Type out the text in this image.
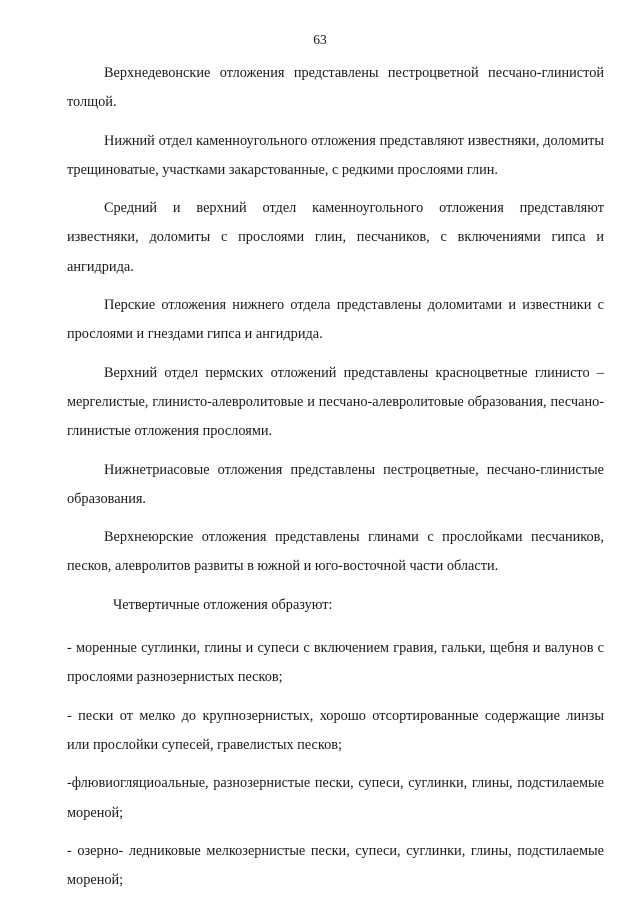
63

Верхнедевонские отложения представлены пестроцветной песчано-глинистой толщой.

Нижний отдел каменноугольного отложения представляют известняки, доломиты трещиноватые, участками закарстованные, с редкими прослоями глин.

Средний и верхний отдел каменноугольного отложения представляют известняки, доломиты с прослоями глин, песчаников, с включениями гипса и ангидрида.

Перские отложения нижнего отдела представлены доломитами и известники с прослоями и гнездами гипса и ангидрида.

Верхний отдел пермских отложений представлены красноцветные глинисто – мергелистые, глинисто-алевролитовые и песчано-алевролитовые образования, песчано-глинистые отложения прослоями.

Нижнетриасовые отложения представлены пестроцветные, песчано-глинистые образования.

Верхнеюрские отложения представлены глинами с прослойками песчаников, песков, алевролитов развиты в южной и юго-восточной части области.

Четвертичные отложения образуют:

- моренные суглинки, глины и супеси с включением гравия, гальки, щебня и валунов с прослоями разнозернистых песков;

- пески от мелко до крупнозернистых, хорошо отсортированные содержащие линзы или прослойки супесей, гравелистых песков;

-флювиогляциоальные, разнозернистые пески, супеси, суглинки, глины, подстилаемые мореной;

- озерно- ледниковые мелкозернистые пески, супеси, суглинки, глины, подстилаемые мореной;
